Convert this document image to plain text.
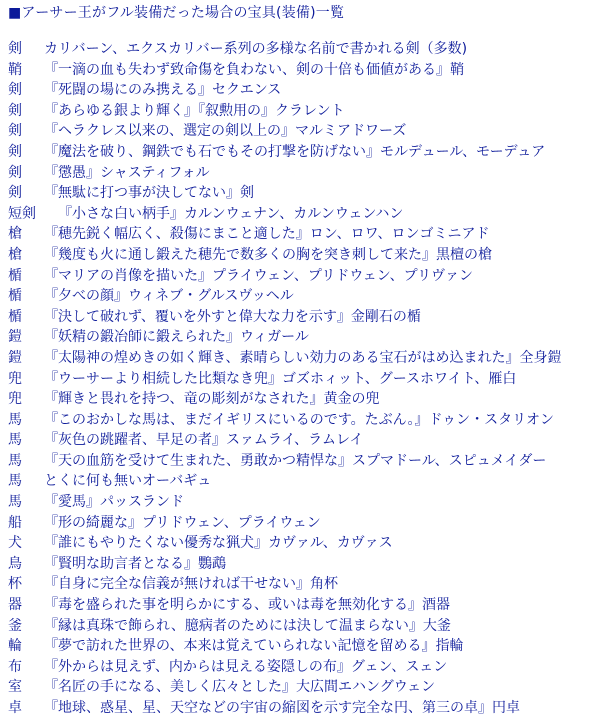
■アーサー王がフル装備だった場合の宝具(装備)一覧
剣	カリバーン、エクスカリバー系列の多様な名前で書かれる剣（多数)
鞘	『一滴の血も失わず致命傷を負わない、剣の十倍も価値がある』鞘
剣	『死闘の場にのみ携える』セクエンス
剣	『あらゆる銀より輝く』『叙勲用の』クラレント
剣	『ヘラクレス以来の、選定の剣以上の』マルミアドワーズ
剣	『魔法を破り、鋼鉄でも石でもその打撃を防げない』モルデュール、モーデュア
剣	『懲愚』シャスティフォル
剣	『無駄に打つ事が決してない』剣
短剣	『小さな白い柄手』カルンウェナン、カルンウェンハン
槍	『穂先鋭く幅広く、殺傷にまこと適した』ロン、ロワ、ロンゴミニアド
槍	『幾度も火に通し鍛えた穂先で数多くの胸を突き刺して来た』黒檀の槍
楯	『マリアの肖像を描いた』プライウェン、プリドウェン、プリヴァン
楯	『夕べの顔』ウィネブ・グルスヴッヘル
楯	『決して破れず、覆いを外すと偉大な力を示す』金剛石の楯
鎧	『妖精の鍛冶師に鍛えられた』ウィガール
鎧	『太陽神の煌めきの如く輝き、素晴らしい効力のある宝石がはめ込まれた』全身鎧
兜	『ウーサーより相続した比類なき兜』ゴズホィット、グースホワイト、雁白
兜	『輝きと畏れを持つ、竜の彫刻がなされた』黄金の兜
馬	『このおかしな馬は、まだイギリスにいるのです。たぶん。』ドゥン・スタリオン
馬	『灰色の跳躍者、早足の者』スァムライ、ラムレイ
馬	『天の血筋を受けて生まれた、勇敢かつ精悍な』スプマドール、スピュメイダー
馬	とくに何も無いオーバギュ
馬	『愛馬』パッスランド
船	『形の綺麗な』プリドウェン、プライウェン
犬	『誰にもやりたくない優秀な猟犬』カヴァル、カヴァス
鳥	『賢明な助言者となる』鸚鵡
杯	『自身に完全な信義が無ければ干せない』角杯
器	『毒を盛られた事を明らかにする、或いは毒を無効化する』酒器
釜	『縁は真珠で飾られ、臆病者のためには決して温まらない』大釜
輪	『夢で訪れた世界の、本来は覚えていられない記憶を留める』指輪
布	『外からは見えず、内からは見える姿隠しの布』グェン、スェン
室	『名匠の手になる、美しく広々とした』大広間エハングウェン
卓	『地球、惑星、星、天空などの宇宙の縮図を示す完全な円、第三の卓』円卓
